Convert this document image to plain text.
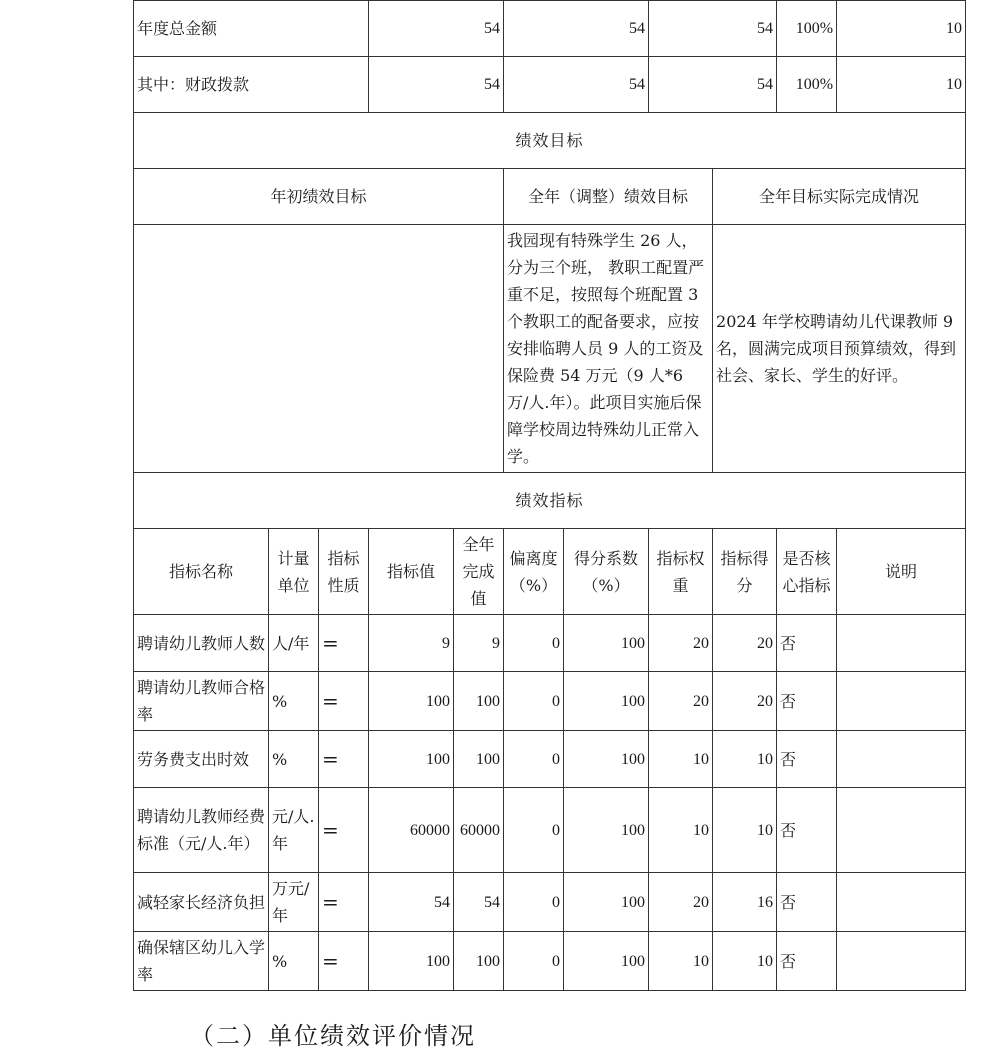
年度总金额			54		54		54		100%	10
其中：财政拨款			54		54		54		100%	10
绩效目标										
年初绩效目标					全年（调整）绩效目标			全年目标实际完成情况		
					我园现有特殊学生 26 人，分为三个班， 教职工配置严重不足，按照每个班配置 3 个教职工的配备要求，应按安排临聘人员 9 人的工资及保险费 54 万元（9 人*6 万/人.年）。此项目实施后保障学校周边特殊幼儿正常入学。			2024 年学校聘请幼儿代课教师 9 名，圆满完成项目预算绩效，得到社会、家长、学生的好评。		
绩效指标										
指标名称	计量单位	指标性质	指标值	全年完成值	偏离度（%）	得分系数（%）	指标权重	指标得分	是否核心指标	说明
聘请幼儿教师人数	人/年	=	9	9	0	100	20	20	否	
聘请幼儿教师合格率	%	=	100	100	0	100	20	20	否	
劳务费支出时效	%	=	100	100	0	100	10	10	否	
聘请幼儿教师经费标准（元/人.年）	元/人.年	=	60000	60000	0	100	10	10	否	
减轻家长经济负担	万元/年	=	54	54	0	100	20	16	否	
确保辖区幼儿入学率	%	=	100	100	0	100	10	10	否	
（二）单位绩效评价情况
